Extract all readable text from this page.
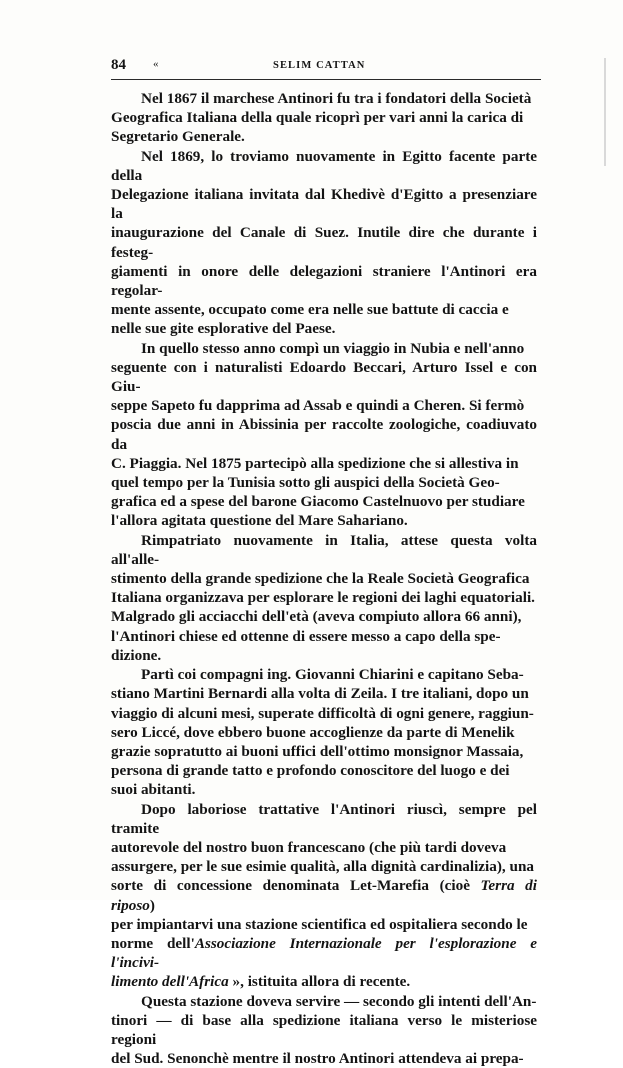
84 «	SELIM CATTAN

Nel 1867 il marchese Antinori fu tra i fondatori della Società
Geografica Italiana della quale ricoprì per vari anni la carica di
Segretario Generale.

Nel 1869, lo troviamo nuovamente in Egitto facente parte della
Delegazione italiana invitata dal Khedivè d'Egitto a presenziare la
inaugurazione del Canale di Suez. Inutile dire che durante i festeg-
giamenti in onore delle delegazioni straniere l'Antinori era regolar-
mente assente, occupato come era nelle sue battute di caccia e
nelle sue gite esplorative del Paese.

In quello stesso anno compì un viaggio in Nubia e nell'anno
seguente con i naturalisti Edoardo Beccari, Arturo Issel e con Giu-
seppe Sapeto fu dapprima ad Assab e quindi a Cheren. Si fermò
poscia due anni in Abissinia per raccolte zoologiche, coadiuvato da
C. Piaggia. Nel 1875 partecipò alla spedizione che si allestiva in
quel tempo per la Tunisia sotto gli auspici della Società Geo-
grafica ed a spese del barone Giacomo Castelnuovo per studiare
l'allora agitata questione del Mare Sahariano.

Rimpatriato nuovamente in Italia, attese questa volta all'alle-
stimento della grande spedizione che la Reale Società Geografica
Italiana organizzava per esplorare le regioni dei laghi equatoriali.
Malgrado gli acciacchi dell'età (aveva compiuto allora 66 anni),
l'Antinori chiese ed ottenne di essere messo a capo della spe-
dizione.

Partì coi compagni ing. Giovanni Chiarini e capitano Seba-
stiano Martini Bernardi alla volta di Zeila. I tre italiani, dopo un
viaggio di alcuni mesi, superate difficoltà di ogni genere, raggiun-
sero Liccé, dove ebbero buone accoglienze da parte di Menelik
grazie sopratutto ai buoni uffici dell'ottimo monsignor Massaia,
persona di grande tatto e profondo conoscitore del luogo e dei
suoi abitanti.

Dopo laboriose trattative l'Antinori riuscì, sempre pel tramite
autorevole del nostro buon francescano (che più tardi doveva
assurgere, per le sue esimie qualità, alla dignità cardinalizia), una
sorte di concessione denominata Let-Marefia (cioè Terra di riposo)
per impiantarvi una stazione scientifica ed ospitaliera secondo le
norme dell'Associazione Internazionale per l'esplorazione e l'incivi-
limento dell'Africa », istituita allora di recente.

Questa stazione doveva servire — secondo gli intenti dell'An-
tinori — di base alla spedizione italiana verso le misteriose regioni
del Sud. Senonchè mentre il nostro Antinori attendeva ai prepa-
